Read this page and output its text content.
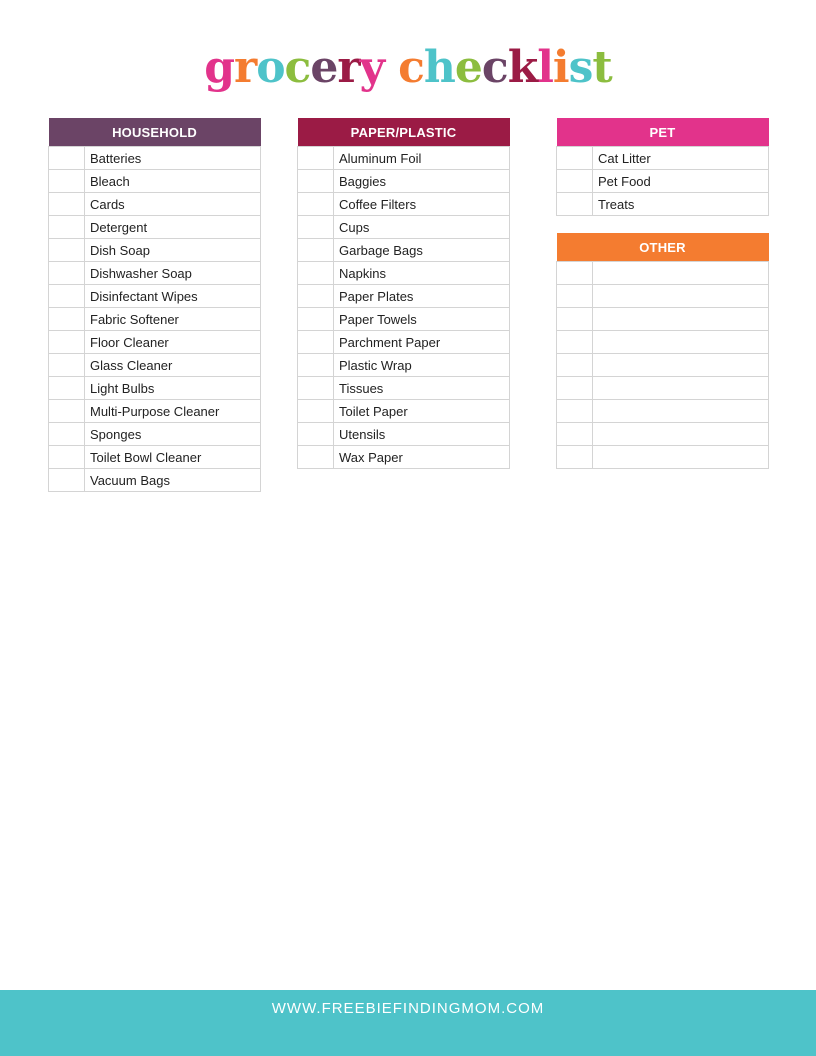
grocery checklist
HOUSEHOLD	
	Batteries
	Bleach
	Cards
	Detergent
	Dish Soap
	Dishwasher Soap
	Disinfectant Wipes
	Fabric Softener
	Floor Cleaner
	Glass Cleaner
	Light Bulbs
	Multi-Purpose Cleaner
	Sponges
	Toilet Bowl Cleaner
	Vacuum Bags
PAPER/PLASTIC	
	Aluminum Foil
	Baggies
	Coffee Filters
	Cups
	Garbage Bags
	Napkins
	Paper Plates
	Paper Towels
	Parchment Paper
	Plastic Wrap
	Tissues
	Toilet Paper
	Utensils
	Wax Paper
PET	
	Cat Litter
	Pet Food
	Treats
OTHER	

WWW.FREEBIEFINDINGMOM.COM
